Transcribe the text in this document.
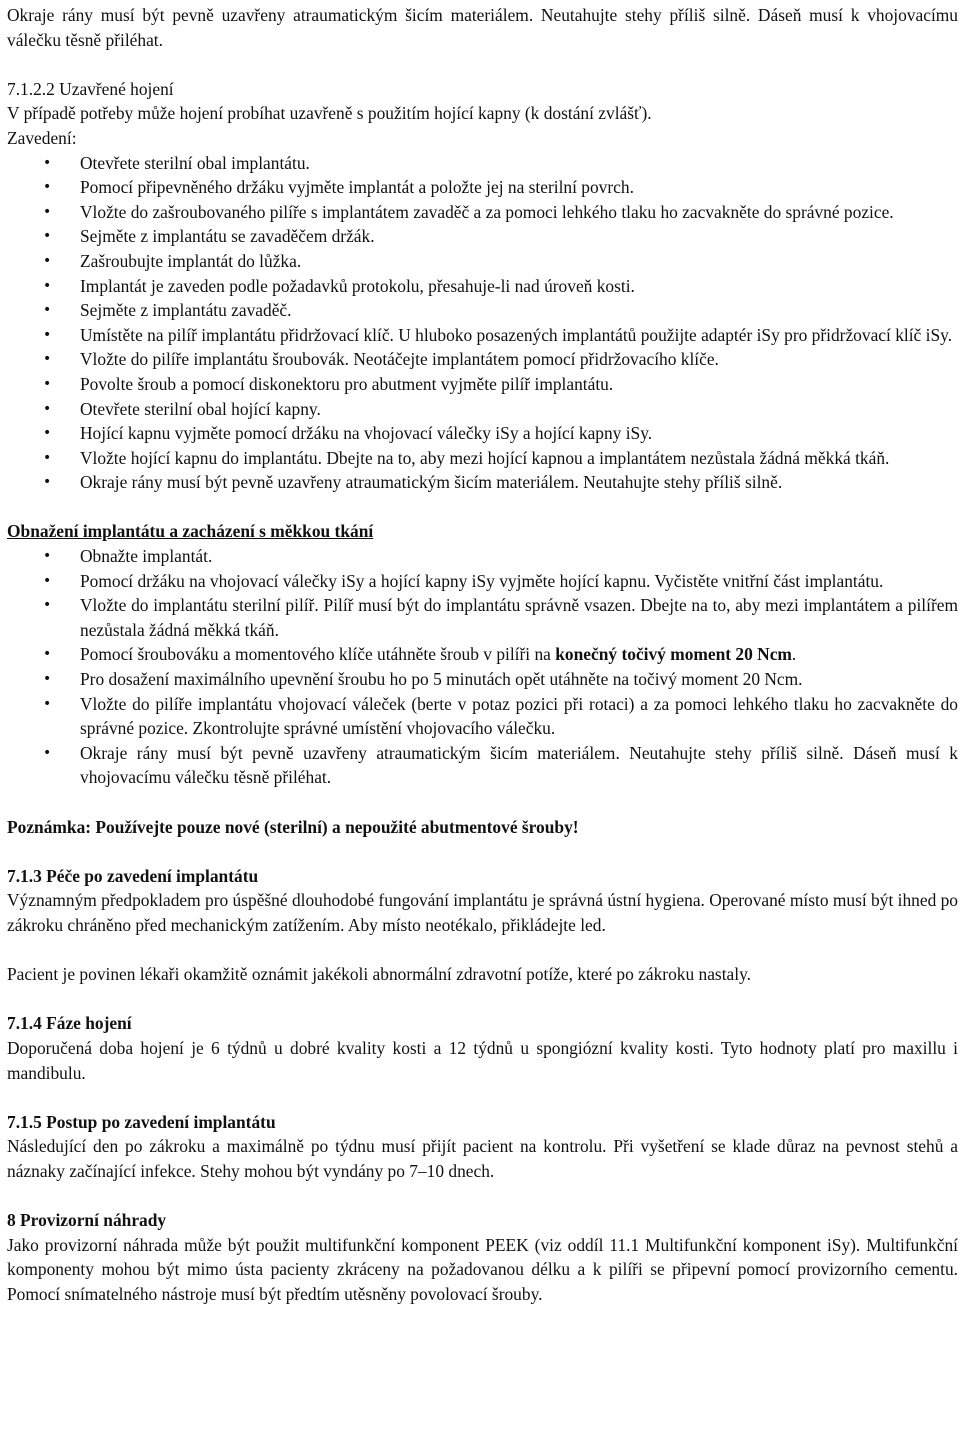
Okraje rány musí být pevně uzavřeny atraumatickým šicím materiálem. Neutahujte stehy příliš silně. Dáseň musí k vhojovacímu válečku těsně přiléhat.

7.1.2.2 Uzavřené hojení

V případě potřeby může hojení probíhat uzavřeně s použitím hojící kapny (k dostání zvlášť).

Zavedení:

• Otevřete sterilní obal implantátu.
• Pomocí připevněného držáku vyjměte implantát a položte jej na sterilní povrch.
• Vložte do zašroubovaného pilíře s implantátem zavaděč a za pomoci lehkého tlaku ho zacvakněte do správné pozice.
• Sejměte z implantátu se zavaděčem držák.
• Zašroubujte implantát do lůžka.
• Implantát je zaveden podle požadavků protokolu, přesahuje-li nad úroveň kosti.
• Sejměte z implantátu zavaděč.
• Umístěte na pilíř implantátu přidržovací klíč. U hluboko posazených implantátů použijte adaptér iSy pro přidržovací klíč iSy.
• Vložte do pilíře implantátu šroubovák. Neotáčejte implantátem pomocí přidržovacího klíče.
• Povolte šroub a pomocí diskonektoru pro abutment vyjměte pilíř implantátu.
• Otevřete sterilní obal hojící kapny.
• Hojící kapnu vyjměte pomocí držáku na vhojovací válečky iSy a hojící kapny iSy.
• Vložte hojící kapnu do implantátu. Dbejte na to, aby mezi hojící kapnou a implantátem nezůstala žádná měkká tkáň.
• Okraje rány musí být pevně uzavřeny atraumatickým šicím materiálem. Neutahujte stehy příliš silně.

Obnažení implantátu a zacházení s měkkou tkání

• Obnažte implantát.
• Pomocí držáku na vhojovací válečky iSy a hojící kapny iSy vyjměte hojící kapnu. Vyčistěte vnitřní část implantátu.
• Vložte do implantátu sterilní pilíř. Pilíř musí být do implantátu správně vsazen. Dbejte na to, aby mezi implantátem a pilířem nezůstala žádná měkká tkáň.
• Pomocí šroubováku a momentového klíče utáhněte šroub v pilíři na konečný točivý moment 20 Ncm.
• Pro dosažení maximálního upevnění šroubu ho po 5 minutách opět utáhněte na točivý moment 20 Ncm.
• Vložte do pilíře implantátu vhojovací váleček (berte v potaz pozici při rotaci) a za pomoci lehkého tlaku ho zacvakněte do správné pozice. Zkontrolujte správné umístění vhojovacího válečku.
• Okraje rány musí být pevně uzavřeny atraumatickým šicím materiálem. Neutahujte stehy příliš silně. Dáseň musí k vhojovacímu válečku těsně přiléhat.

Poznámka: Používejte pouze nové (sterilní) a nepoužité abutmentové šrouby!

7.1.3 Péče po zavedení implantátu

Významným předpokladem pro úspěšné dlouhodobé fungování implantátu je správná ústní hygiena. Operované místo musí být ihned po zákroku chráněno před mechanickým zatížením. Aby místo neotékalo, přikládejte led.

Pacient je povinen lékaři okamžitě oznámit jakékoli abnormální zdravotní potíže, které po zákroku nastaly.

7.1.4 Fáze hojení

Doporučená doba hojení je 6 týdnů u dobré kvality kosti a 12 týdnů u spongiózní kvality kosti. Tyto hodnoty platí pro maxillu i mandibulu.

7.1.5 Postup po zavedení implantátu

Následující den po zákroku a maximálně po týdnu musí přijít pacient na kontrolu. Při vyšetření se klade důraz na pevnost stehů a náznaky začínající infekce. Stehy mohou být vyndány po 7–10 dnech.

8 Provizorní náhrady

Jako provizorní náhrada může být použit multifunkční komponent PEEK (viz oddíl 11.1 Multifunkční komponent iSy). Multifunkční komponenty mohou být mimo ústa pacienty zkráceny na požadovanou délku a k pilíři se připevní pomocí provizorního cementu. Pomocí snímatelného nástroje musí být předtím utěsněny povolovací šrouby.
